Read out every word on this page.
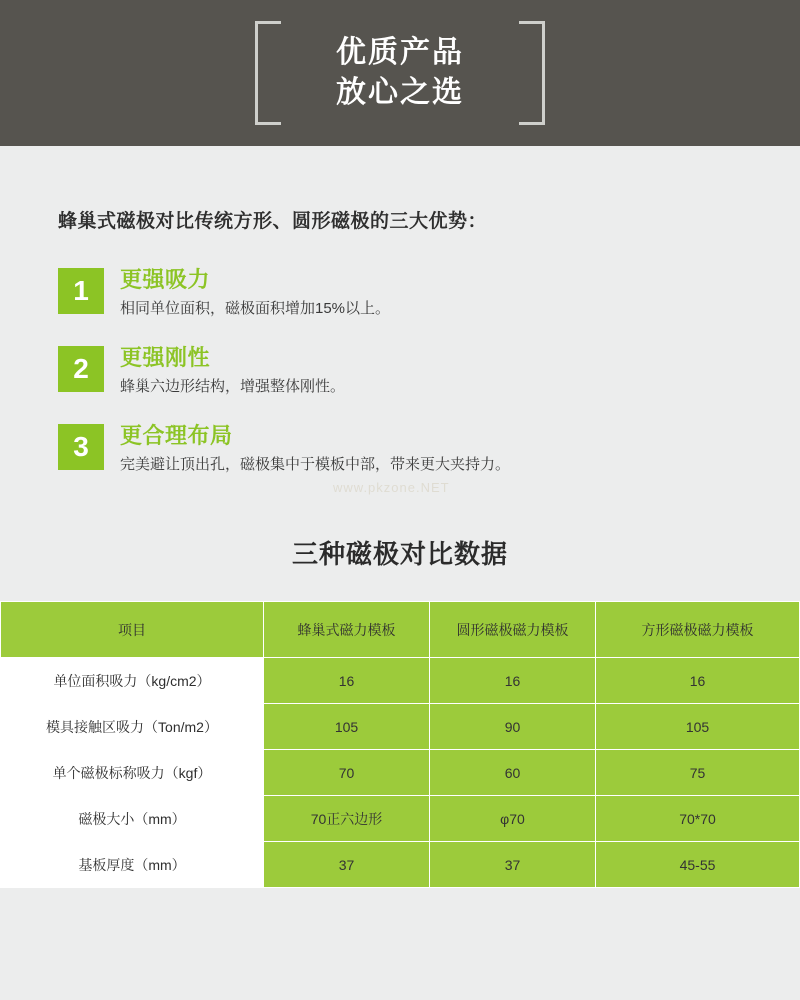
优质产品
放心之选
蜂巢式磁极对比传统方形、圆形磁极的三大优势：
1	更强吸力
相同单位面积，磁极面积增加15%以上。
2	更强刚性
蜂巢六边形结构，增强整体刚性。
3	更合理布局
完美避让顶出孔，磁极集中于模板中部，带来更大夹持力。
www.pkzone.NET
三种磁极对比数据
项目	蜂巢式磁力模板	圆形磁极磁力模板	方形磁极磁力模板
单位面积吸力（kg/cm2）	16	16	16
模具接触区吸力（Ton/m2）	105	90	105
单个磁极标称吸力（kgf）	70	60	75
磁极大小（mm）	70正六边形	φ70	70*70
基板厚度（mm）	37	37	45-55
